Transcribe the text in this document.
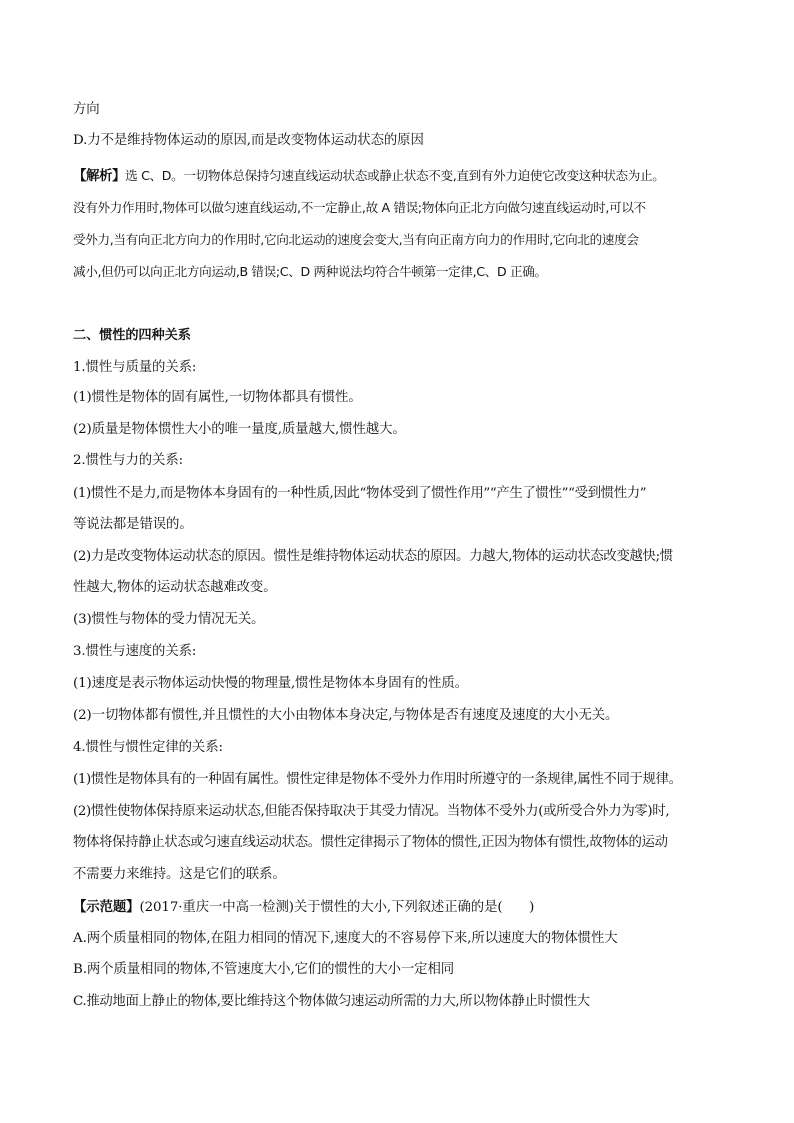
方向
D.力不是维持物体运动的原因,而是改变物体运动状态的原因
【解析】选 C、D。一切物体总保持匀速直线运动状态或静止状态不变,直到有外力迫使它改变这种状态为止。
没有外力作用时,物体可以做匀速直线运动,不一定静止,故 A 错误;物体向正北方向做匀速直线运动时,可以不
受外力,当有向正北方向力的作用时,它向北运动的速度会变大,当有向正南方向力的作用时,它向北的速度会
减小,但仍可以向正北方向运动,B 错误;C、D 两种说法均符合牛顿第一定律,C、D 正确。
二、惯性的四种关系
1.惯性与质量的关系:
(1)惯性是物体的固有属性,一切物体都具有惯性。
(2)质量是物体惯性大小的唯一量度,质量越大,惯性越大。
2.惯性与力的关系:
(1)惯性不是力,而是物体本身固有的一种性质,因此“物体受到了惯性作用”“产生了惯性”“受到惯性力”
等说法都是错误的。
(2)力是改变物体运动状态的原因。惯性是维持物体运动状态的原因。力越大,物体的运动状态改变越快;惯
性越大,物体的运动状态越难改变。
(3)惯性与物体的受力情况无关。
3.惯性与速度的关系:
(1)速度是表示物体运动快慢的物理量,惯性是物体本身固有的性质。
(2)一切物体都有惯性,并且惯性的大小由物体本身决定,与物体是否有速度及速度的大小无关。
4.惯性与惯性定律的关系:
(1)惯性是物体具有的一种固有属性。惯性定律是物体不受外力作用时所遵守的一条规律,属性不同于规律。
(2)惯性使物体保持原来运动状态,但能否保持取决于其受力情况。当物体不受外力(或所受合外力为零)时,
物体将保持静止状态或匀速直线运动状态。惯性定律揭示了物体的惯性,正因为物体有惯性,故物体的运动
不需要力来维持。这是它们的联系。
【示范题】(2017·重庆一中高一检测)关于惯性的大小,下列叙述正确的是(　　)
A.两个质量相同的物体,在阻力相同的情况下,速度大的不容易停下来,所以速度大的物体惯性大
B.两个质量相同的物体,不管速度大小,它们的惯性的大小一定相同
C.推动地面上静止的物体,要比维持这个物体做匀速运动所需的力大,所以物体静止时惯性大
